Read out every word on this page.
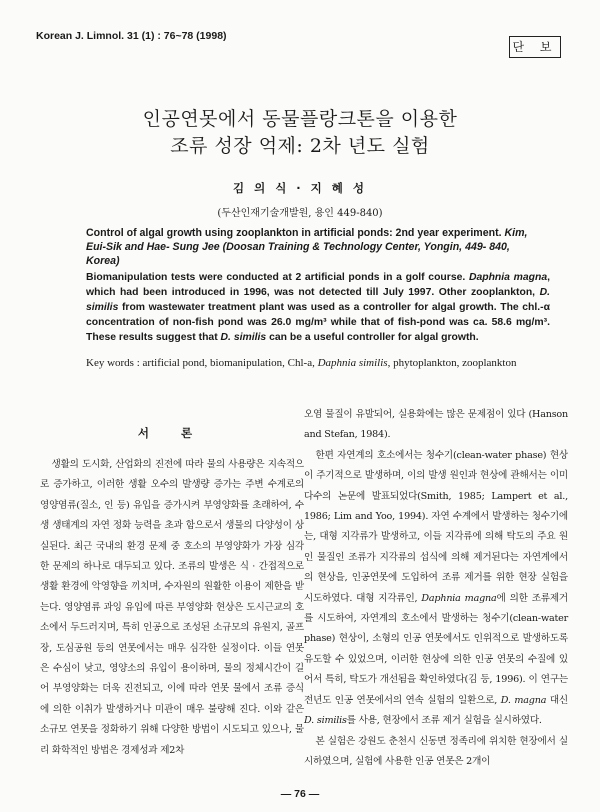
Korean J. Limnol. 31 (1) : 76~78 (1998)
단 보
인공연못에서 동물플랑크톤을 이용한
조류 성장 억제: 2차 년도 실험
김 의 식 · 지 혜 성
(두산인재기술개발원, 용인 449-840)
Control of algal growth using zooplankton in artificial ponds: 2nd year experiment. Kim, Eui-Sik and Hae- Sung Jee (Doosan Training & Technology Center, Yongin, 449- 840, Korea)

Biomanipulation tests were conducted at 2 artificial ponds in a golf course. Daphnia magna, which had been introduced in 1996, was not detected till July 1997. Other zooplankton, D. similis from wastewater treatment plant was used as a controller for algal growth. The chl.-α concentration of non-fish pond was 26.0 mg/m³ while that of fish-pond was ca. 58.6 mg/m³. These results suggest that D. similis can be a useful controller for algal growth.

Key words : artificial pond, biomanipulation, Chl-a, Daphnia similis, phytoplankton, zooplankton
서 론

생활의 도시화, 산업화의 진전에 따라 물의 사용량은 지속적으로 증가하고, 이러한 생활 오수의 발생량 증가는 주변 수계로의 영양염류(질소, 인 등) 유입을 증가시켜 부영양화를 초래하여, 수생 생태계의 자연 정화 능력을 초과 함으로서 생물의 다양성이 상실된다. 최근 국내의 환경 문제 중 호소의 부영양화가 가장 심각한 문제의 하나로 대두되고 있다. 조류의 발생은 식 · 간접적으로 생활 환경에 악영향을 끼치며, 수자원의 원활한 이용이 제한을 받는다. 영양염류 과잉 유입에 따른 부영양화 현상은 도시근교의 호소에서 두드러지며, 특히 인공으로 조성된 소규모의 유원지, 골프장, 도심공원 등의 연못에서는 매우 심각한 실정이다. 이들 연못은 수심이 낮고, 영양소의 유입이 용이하며, 물의 정체시간이 길어 부영양화는 더욱 진전되고, 이에 따라 연못 물에서 조류 증식에 의한 이취가 발생하거나 미관이 매우 불량해 진다. 이와 같은 소규모 연못을 정화하기 위해 다양한 방법이 시도되고 있으나, 물리 화학적인 방법은 경제성과 제2차

오염 물질이 유발되어, 실용화에는 많은 문제점이 있다 (Hanson and Stefan, 1984).

한편 자연계의 호소에서는 청수기(clean-water phase) 현상이 주기적으로 발생하며, 이의 발생 원인과 현상에 관해서는 이미 다수의 논문에 발표되었다(Smith, 1985; Lampert et al., 1986; Lim and Yoo, 1994). 자연 수계에서 발생하는 청수기에는, 대형 지각류가 발생하고, 이들 지각류에 의해 탁도의 주요 원인 물질인 조류가 지각류의 섭식에 의해 제거된다는 자연계에서의 현상을, 인공연못에 도입하여 조류 제거를 위한 현장 실험을 시도하였다. 대형 지각류인, Daphnia magna에 의한 조류제거를 시도하여, 자연계의 호소에서 발생하는 청수기(clean-water phase) 현상이, 소형의 인공 연못에서도 인위적으로 발생하도록 유도할 수 있었으며, 이러한 현상에 의한 인공 연못의 수질에 있어서 특히, 탁도가 개선됨을 확인하였다(김 등, 1996). 이 연구는 전년도 인공 연못에서의 연속 실험의 일환으로, D. magna 대신 D. similis를 사용, 현장에서 조류 제거 실험을 실시하였다.

본 실험은 강원도 춘천시 신동면 정족리에 위치한 현장에서 실시하였으며, 실험에 사용한 인공 연못은 2개이

— 76 —
